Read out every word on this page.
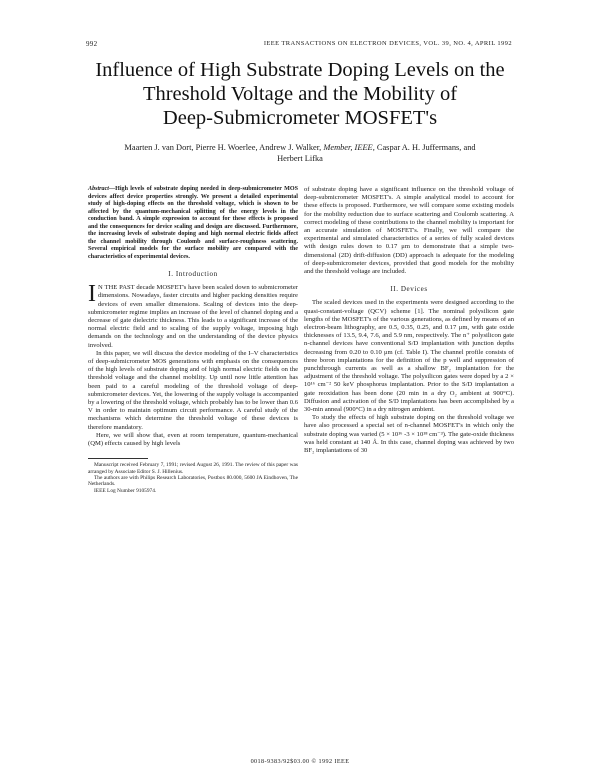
992	IEEE TRANSACTIONS ON ELECTRON DEVICES, VOL. 39, NO. 4, APRIL 1992
Influence of High Substrate Doping Levels on the
Threshold Voltage and the Mobility of
Deep-Submicrometer MOSFET's
Maarten J. van Dort, Pierre H. Woerlee, Andrew J. Walker, Member, IEEE, Caspar A. H. Juffermans, and
Herbert Lifka
Abstract—High levels of substrate doping needed in deep-submicrometer MOS devices affect device properties strongly. We present a detailed experimental study of high-doping effects on the threshold voltage, which is shown to be affected by the quantum-mechanical splitting of the energy levels in the conduction band. A simple expression to account for these effects is proposed and the consequences for device scaling and design are discussed. Furthermore, the increasing levels of substrate doping and high normal electric fields affect the channel mobility through Coulomb and surface-roughness scattering. Several empirical models for the surface mobility are compared with the characteristics of experimental devices.
I. Introduction

I N THE PAST decade MOSFET's have been scaled down to submicrometer dimensions. Nowadays, faster circuits and higher packing densities require devices of even smaller dimensions. Scaling of devices into the deep-submicrometer regime implies an increase of the level of channel doping and a decrease of gate dielectric thickness. This leads to a significant increase of the normal electric field and to scaling of the supply voltage, imposing high demands on the technology and on the understanding of the device physics involved.

In this paper, we will discuss the device modeling of the I–V characteristics of deep-submicrometer MOS generations with emphasis on the consequences of the high levels of substrate doping and of high normal electric fields on the threshold voltage and the channel mobility. Up until now little attention has been paid to a careful modeling of the threshold voltage of deep-submicrometer devices. Yet, the lowering of the supply voltage is accompanied by a lowering of the threshold voltage, which probably has to be lower than 0.6 V in order to maintain optimum circuit performance. A careful study of the mechanisms which determine the threshold voltage of these devices is therefore mandatory.

Here, we will show that, even at room temperature, quantum-mechanical (QM) effects caused by high levels

Manuscript received February 7, 1991; revised August 26, 1991. The review of this paper was arranged by Associate Editor S. J. Hillenius.

The authors are with Philips Research Laboratories, Postbox 80.000, 5600 JA Eindhoven, The Netherlands.

IEEE Log Number 9105974.

of substrate doping have a significant influence on the threshold voltage of deep-submicrometer MOSFET's. A simple analytical model to account for these effects is proposed. Furthermore, we will compare some existing models for the mobility reduction due to surface scattering and Coulomb scattering. A correct modeling of these contributions to the channel mobility is important for an accurate simulation of MOSFET's. Finally, we will compare the experimental and simulated characteristics of a series of fully scaled devices with design rules down to 0.17 μm to demonstrate that a simple two-dimensional (2D) drift-diffusion (DD) approach is adequate for the modeling of deep-submicrometer devices, provided that good models for the mobility and the threshold voltage are included.

II. Devices

The scaled devices used in the experiments were designed according to the quasi-constant-voltage (QCV) scheme [1]. The nominal polysilicon gate lengths of the MOSFET's of the various generations, as defined by means of an electron-beam lithography, are 0.5, 0.35, 0.25, and 0.17 μm, with gate oxide thicknesses of 13.5, 9.4, 7.6, and 5.9 nm, respectively. The n⁺ polysilicon gate n-channel devices have conventional S/D implantation with junction depths decreasing from 0.20 to 0.10 μm (cf. Table I). The channel profile consists of three boron implantations for the definition of the p well and suppression of punchthrough currents as well as a shallow BF₂ implantation for the adjustment of the threshold voltage. The polysilicon gates were doped by a 2 × 10¹⁶ cm⁻² 50 keV phosphorus implantation. Prior to the S/D implantation a gate reoxidation has been done (20 min in a dry O₂ ambient at 900°C). Diffusion and activation of the S/D implantations has been accomplished by a 30-min anneal (900°C) in a dry nitrogen ambient.

To study the effects of high substrate doping on the threshold voltage we have also processed a special set of n-channel MOSFET's in which only the substrate doping was varied (5 × 10¹⁶ -3 × 10¹⁸ cm⁻³). The gate-oxide thickness was held constant at 140 Å. In this case, channel doping was achieved by two BF₂ implantations of 30

0018-9383/92$03.00 © 1992 IEEE
